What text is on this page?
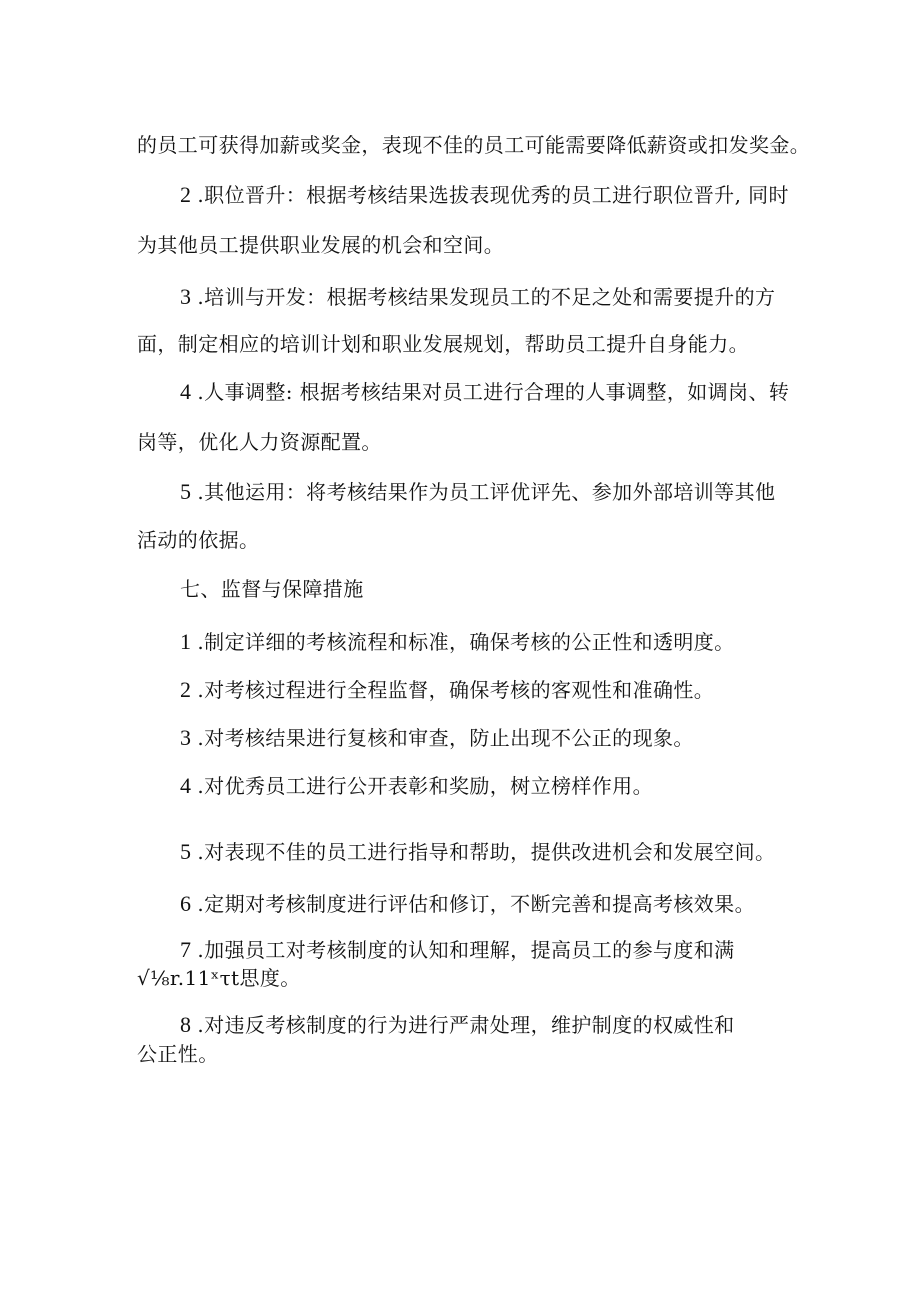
的员工可获得加薪或奖金，表现不佳的员工可能需要降低薪资或扣发奖金。
2 .职位晋升：根据考核结果选拔表现优秀的员工进行职位晋升, 同时
为其他员工提供职业发展的机会和空间。
3 .培训与开发：根据考核结果发现员工的不足之处和需要提升的方
面，制定相应的培训计划和职业发展规划，帮助员工提升自身能力。
4 .人事调整: 根据考核结果对员工进行合理的人事调整，如调岗、转
岗等，优化人力资源配置。
5 .其他运用：将考核结果作为员工评优评先、参加外部培训等其他
活动的依据。
七、监督与保障措施
1 .制定详细的考核流程和标准，确保考核的公正性和透明度。
2 .对考核过程进行全程监督，确保考核的客观性和准确性。
3 .对考核结果进行复核和审查，防止出现不公正的现象。
4 .对优秀员工进行公开表彰和奖励，树立榜样作用。
5 .对表现不佳的员工进行指导和帮助，提供改进机会和发展空间。
6 .定期对考核制度进行评估和修订，不断完善和提高考核效果。
7 .加强员工对考核制度的认知和理解，提高员工的参与度和满
√⅛r.11ˣτt思度。
8 .对违反考核制度的行为进行严肃处理，维护制度的权威性和
公正性。
